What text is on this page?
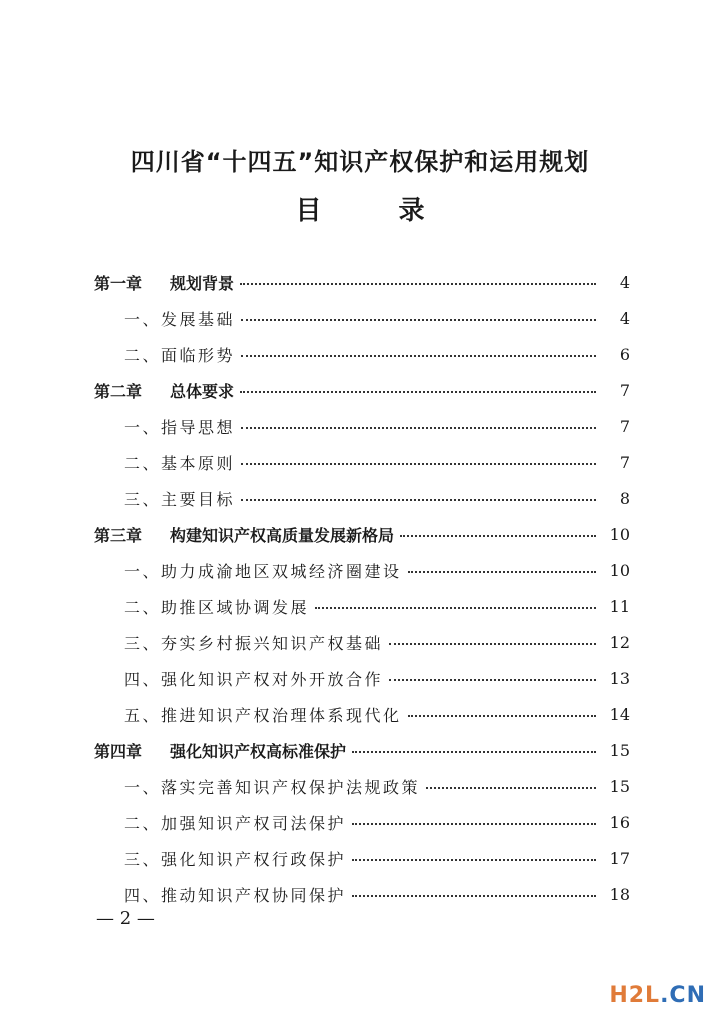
四川省“十四五”知识产权保护和运用规划
目 录
第一章	规划背景	4
一、发展基础	4
二、面临形势	6
第二章	总体要求	7
一、指导思想	7
二、基本原则	7
三、主要目标	8
第三章	构建知识产权高质量发展新格局	10
一、助力成渝地区双城经济圈建设	10
二、助推区域协调发展	11
三、夯实乡村振兴知识产权基础	12
四、强化知识产权对外开放合作	13
五、推进知识产权治理体系现代化	14
第四章	强化知识产权高标准保护	15
一、落实完善知识产权保护法规政策	15
二、加强知识产权司法保护	16
三、强化知识产权行政保护	17
四、推动知识产权协同保护	18
— 2 —
H2L.CN
